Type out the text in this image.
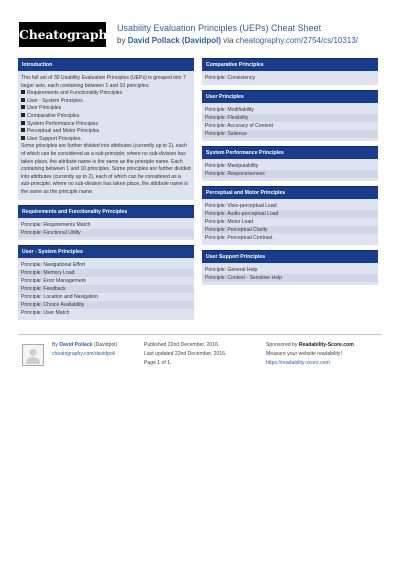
Cheatography Usability Evaluation Principles (UEPs) Cheat Sheet
by David Pollack (Davidpol) via cheatography.com/2754/cs/10313/
Introduction

This full set of 30 Usability Evaluation Principles (UEPs) is grouped into 7 larger sets, each containing between 1 and 10 principles:

Requirements and Functionality Principles
User - System Principles
User Principles
Comparative Principles
System Performance Principles
Perceptual and Motor Principles
User Support Principles

Some principles are further divided into attributes (currently up to 2), each of which can be considered as a sub-principle; where no sub-division has taken place, the attribute name is the same as the principle name. Each containing between 1 and 10 principles. Some principles are further divided into attributes (currently up to 2), each of which can be considered as a sub-principle; where no sub-division has taken place, the attribute name is the same as the principle name.

Requirements and Functionality Principles
Principle: Requirements Match
Principle: Functional Utility
User - System Principles
Principle: Navigational Effort
Principle: Memory Load
Principle: Error Management
Principle: Feedback
Principle: Location and Navigation
Principle: Choice Availability
Principle: User Match
Comparative Principles
Principle: Consistency
User Principles
Principle: Modifiability
Principle: Flexibility
Principle: Accuracy of Content
Principle: Salience
System Performance Principles
Principle: Manipulability
Principle: Responsiveness
Perceptual and Motor Principles
Principle: Visio-perceptual Load
Principle: Audio-perceptual Load
Principle: Motor Load
Principle: Perceptual Clarity
Principle: Perceptual Contrast
User Support Principles
Principle: General Help
Principle: Context - Sensitive Help
By David Pollack (Davidpol)
cheatography.com/davidpol/
Published 22nd December, 2016.
Last updated 22nd December, 2016.
Page 1 of 1.
Sponsored by Readability-Score.com
Measure your website readability!
https://readability-score.com
